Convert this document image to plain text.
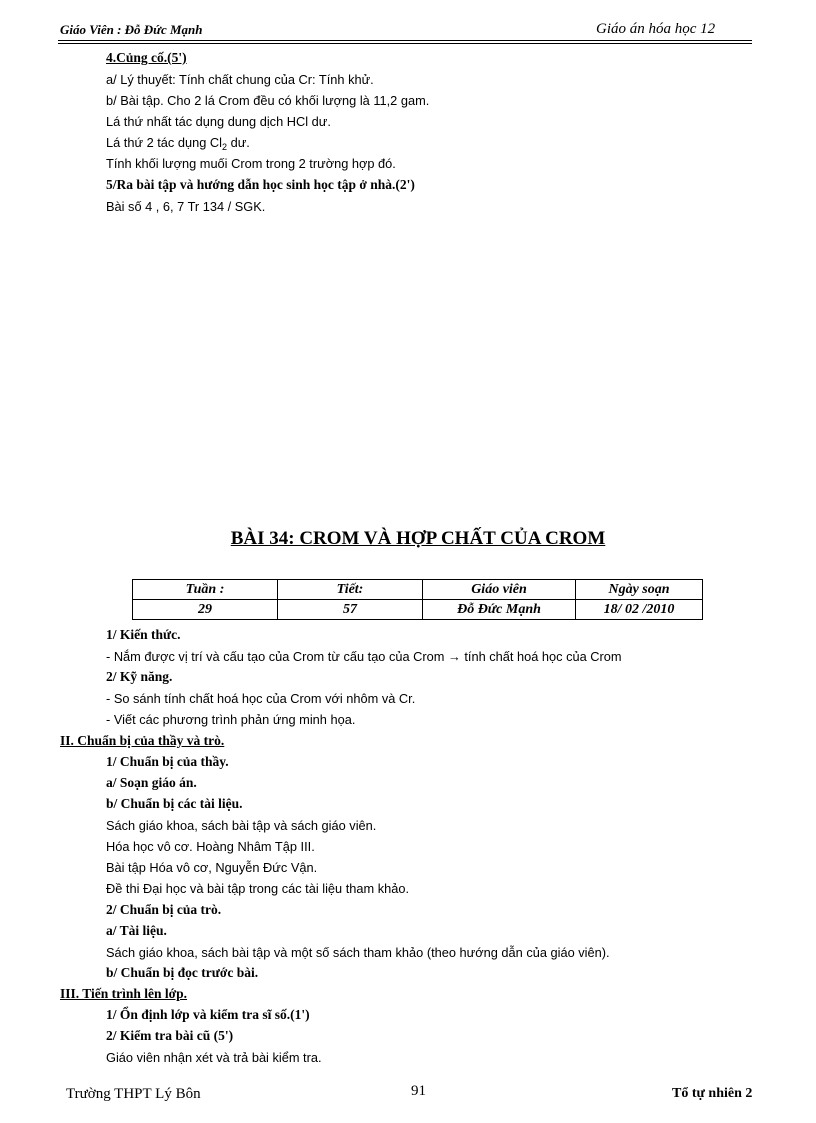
Giáo Viên : Đỗ Đức Mạnh	Giáo án hóa học 12
4.Củng cố.(5')
a/ Lý thuyết: Tính chất chung của Cr: Tính khử.
b/ Bài tập. Cho 2 lá Crom đều có khối lượng là 11,2 gam.
Lá thứ nhất tác dụng dung dịch HCl dư.
Lá thứ 2 tác dụng $Cl_2$ dư.
Tính khối lượng muối Crom trong 2 trường hợp đó.
5/Ra bài tập và hướng dẫn học sinh học tập ở nhà.(2')
Bài số 4 , 6, 7 Tr 134 / SGK.
BÀI 34: CROM VÀ HỢP CHẤT CỦA CROM
Tuần :	Tiết:	Giáo viên	Ngày soạn
29	57	Đỗ Đức Mạnh	18/ 02 /2010
1/ Kiến thức.
- Nắm được vị trí và cấu tạo của Crom từ cấu tạo của Crom → tính chất hoá học của Crom
2/ Kỹ năng.
- So sánh tính chất hoá học của Crom với nhôm và Cr.
- Viết các phương trình phản ứng minh họa.
II. Chuẩn bị của thầy và trò.
1/ Chuẩn bị của thầy.
a/ Soạn giáo án.
b/ Chuẩn bị các tài liệu.
Sách giáo khoa, sách bài tập và sách giáo viên.
Hóa học vô cơ. Hoàng Nhâm Tập III.
Bài tập Hóa vô cơ, Nguyễn Đức Vận.
Đề thi Đại học và bài tập trong các tài liệu tham khảo.
2/ Chuẩn bị của trò.
a/ Tài liệu.
Sách giáo khoa, sách bài tập và một số sách tham khảo (theo hướng dẫn của giáo viên).
b/ Chuẩn bị đọc trước bài.
III. Tiến trình lên lớp.
1/ Ổn định lớp và kiểm tra sĩ số.(1')
2/ Kiểm tra bài cũ (5')
Giáo viên nhận xét và trả bài kiểm tra.
Trường THPT Lý Bôn	91	Tổ tự nhiên 2
